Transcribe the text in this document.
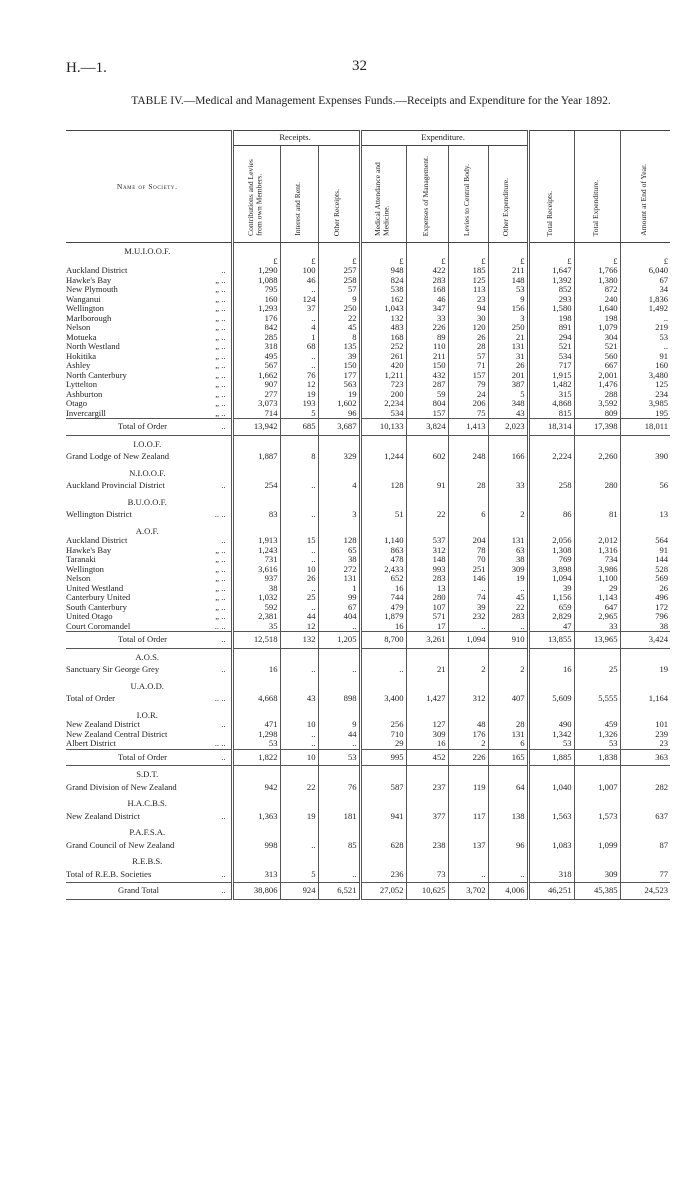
H.—1.	32
TABLE IV.—Medical and Management Expenses Funds.—Receipts and Expenditure for the Year 1892.
Name of Society.	Receipts.			Expenditure.				Total Receipts.	Total Expenditure.	Amount at End of Year.

	Contributions and Levies from own Members.	Interest and Rent.	Other Receipts.	Medical Attendance and Medicine.	Expenses of Management.	Levies to Central Body.	Other Expenditure.			

M.U.I.O.O.F.										
	£	£	£	£	£	£	£	£	£	£
Auckland District ..	1,290	100	257	948	422	185	211	1,647	1,766	6,040
Hawke's Bay „ ..	1,088	46	258	824	283	125	148	1,392	1,380	67
New Plymouth „ ..	795	..	57	538	168	113	53	852	872	34
Wanganui „ ..	160	124	9	162	46	23	9	293	240	1,836
Wellington „ ..	1,293	37	250	1,043	347	94	156	1,580	1,640	1,492
Marlborough „ ..	176	..	22	132	33	30	3	198	198	..
Nelson „ ..	842	4	45	483	226	120	250	891	1,079	219
Motueka „ ..	285	1	8	168	89	26	21	294	304	53
North Westland „ ..	318	68	135	252	110	28	131	521	521	..
Hokitika „ ..	495	..	39	261	211	57	31	534	560	91
Ashley „ ..	567	..	150	420	150	71	26	717	667	160
North Canterbury „ ..	1,662	76	177	1,211	432	157	201	1,915	2,001	3,480
Lyttelton „ ..	907	12	563	723	287	79	387	1,482	1,476	125
Ashburton „ ..	277	19	19	200	59	24	5	315	288	234
Otago „ ..	3,073	193	1,602	2,234	804	206	348	4,868	3,592	3,985
Invercargill „ ..	714	5	96	534	157	75	43	815	809	195
Total of Order ..	13,942	685	3,687	10,133	3,824	1,413	2,023	18,314	17,398	18,011
I.O.O.F.										
Grand Lodge of New Zealand	1,887	8	329	1,244	602	248	166	2,224	2,260	390
N.I.O.O.F.										
Auckland Provincial District ..	254	..	4	128	91	28	33	258	280	56
B.U.O.O.F.										
Wellington District .. ..	83	..	3	51	22	6	2	86	81	13
A.O.F.										
Auckland District ..	1,913	15	128	1,140	537	204	131	2,056	2,012	564
Hawke's Bay „ ..	1,243	..	65	863	312	78	63	1,308	1,316	91
Taranaki „ ..	731	..	38	478	148	70	38	769	734	144
Wellington „ ..	3,616	10	272	2,433	993	251	309	3,898	3,986	528
Nelson „ ..	937	26	131	652	283	146	19	1,094	1,100	569
United Westland „ ..	38	..	1	16	13	..	..	39	29	26
Canterbury United „ ..	1,032	25	99	744	280	74	45	1,156	1,143	496
South Canterbury „ ..	592	..	67	479	107	39	22	659	647	172
United Otago „ ..	2,381	44	404	1,879	571	232	283	2,829	2,965	796
Court Coromandel .. ..	35	12	..	16	17	..	..	47	33	38
Total of Order ..	12,518	132	1,205	8,700	3,261	1,094	910	13,855	13,965	3,424
A.O.S.										
Sanctuary Sir George Grey ..	16	..	..	..	21	2	2	16	25	19
U.A.O.D.										
Total of Order .. ..	4,668	43	898	3,400	1,427	312	407	5,609	5,555	1,164
I.O.R.										
New Zealand District ..	471	10	9	256	127	48	28	490	459	101
New Zealand Central District	1,298	..	44	710	309	176	131	1,342	1,326	239
Albert District .. ..	53	..	..	29	16	2	6	53	53	23
Total of Order ..	1,822	10	53	995	452	226	165	1,885	1,838	363
S.D.T.										
Grand Division of New Zealand	942	22	76	587	237	119	64	1,040	1,007	282
H.A.C.B.S.										
New Zealand District ..	1,363	19	181	941	377	117	138	1,563	1,573	637
P.A.F.S.A.										
Grand Council of New Zealand	998	..	85	628	238	137	96	1,083	1,099	87
R.E.B.S.										
Total of R.E.B. Societies ..	313	5	..	236	73	..	..	318	309	77
Grand Total ..	38,806	924	6,521	27,052	10,625	3,702	4,006	46,251	45,385	24,523
